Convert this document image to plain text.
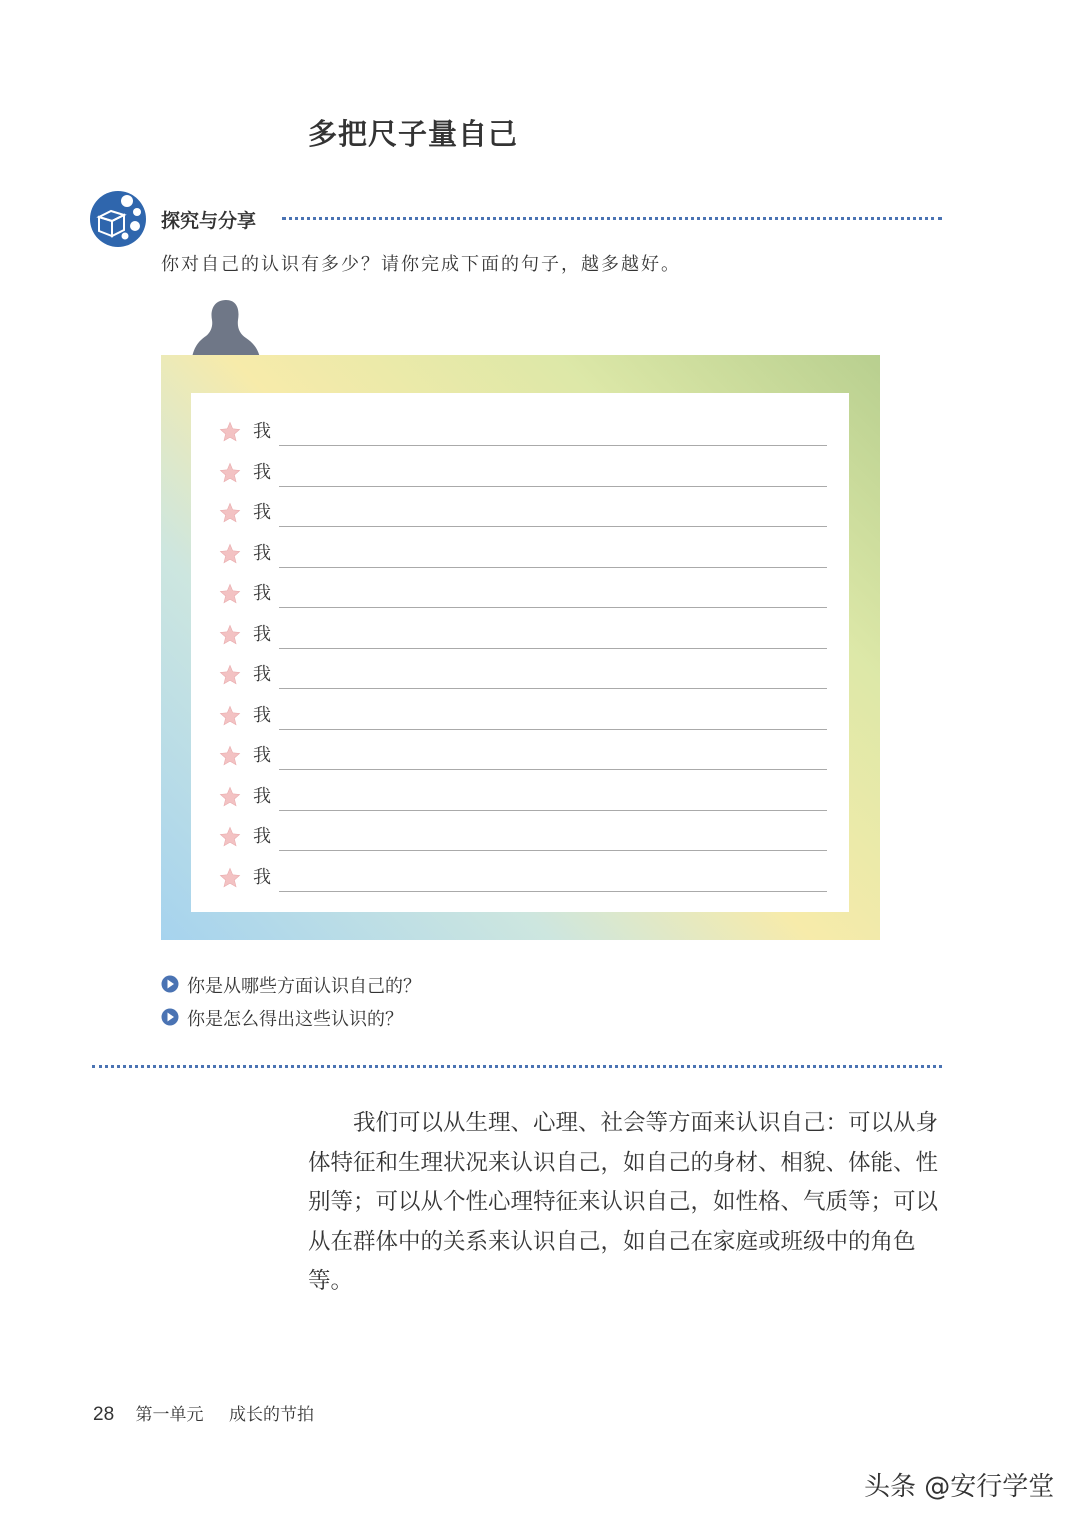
多把尺子量自己
探究与分享
你对自己的认识有多少？请你完成下面的句子，越多越好。
我
我
我
我
我
我
我
我
我
我
我
我
你是从哪些方面认识自己的？
你是怎么得出这些认识的？

我们可以从生理、心理、社会等方面来认识自己：可以从身体特征和生理状况来认识自己，如自己的身材、相貌、体能、性别等；可以从个性心理特征来认识自己，如性格、气质等；可以从在群体中的关系来认识自己，如自己在家庭或班级中的角色等。

28 第一单元 成长的节拍
头条 @安行学堂
